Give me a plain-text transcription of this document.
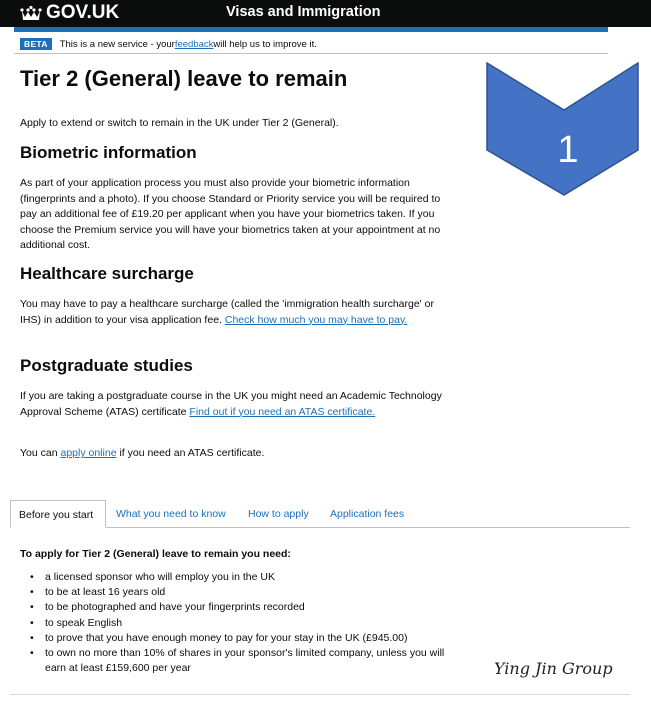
GOV.UK	Visas and Immigration
BETA	This is a new service - your feedback will help us to improve it.
Tier 2 (General) leave to remain

Apply to extend or switch to remain in the UK under Tier 2 (General).

Biometric information

As part of your application process you must also provide your biometric information (fingerprints and a photo). If you choose Standard or Priority service you will be required to pay an additional fee of £19.20 per applicant when you have your biometrics taken. If you choose the Premium service you will have your biometrics taken at your appointment at no additional cost.

Healthcare surcharge

You may have to pay a healthcare surcharge (called the 'immigration health surcharge' or IHS) in addition to your visa application fee. Check how much you may have to pay.

Postgraduate studies

If you are taking a postgraduate course in the UK you might need an Academic Technology Approval Scheme (ATAS) certificate Find out if you need an ATAS certificate.

You can apply online if you need an ATAS certificate.

1
Before you start	What you need to know How to apply Application fees

To apply for Tier 2 (General) leave to remain you need:

• a licensed sponsor who will employ you in the UK
• to be at least 16 years old
• to be photographed and have your fingerprints recorded
• to speak English
• to prove that you have enough money to pay for your stay in the UK (£945.00)
• to own no more than 10% of shares in your sponsor's limited company, unless you will earn at least £159,600 per year	Ying Jin Group
